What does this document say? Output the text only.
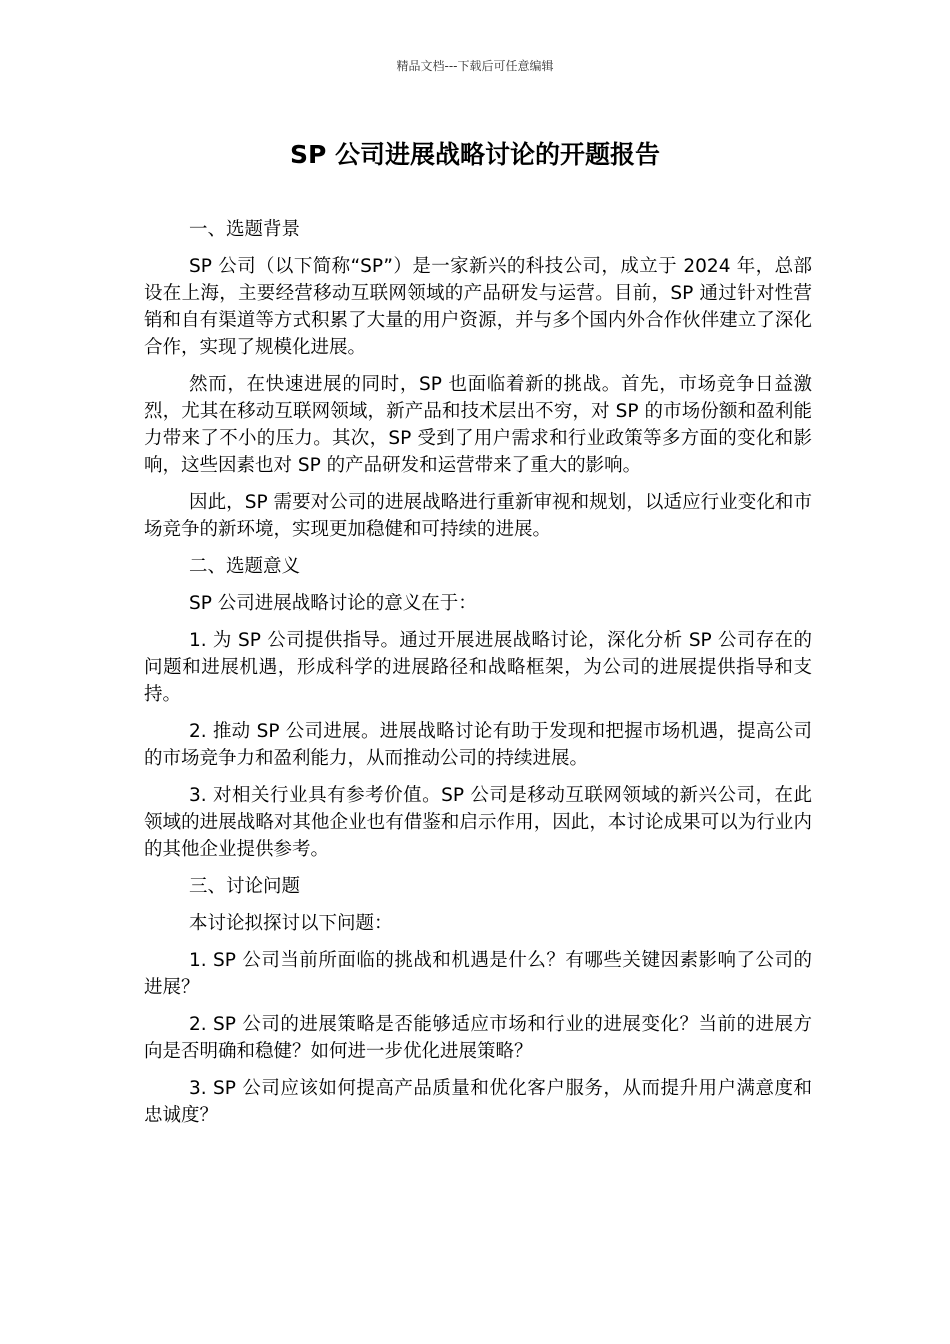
精品文档---下载后可任意编辑
SP 公司进展战略讨论的开题报告

一、选题背景

SP 公司（以下简称“SP”）是一家新兴的科技公司，成立于 2024 年，总部设在上海，主要经营移动互联网领域的产品研发与运营。目前，SP 通过针对性营销和自有渠道等方式积累了大量的用户资源，并与多个国内外合作伙伴建立了深化合作，实现了规模化进展。

然而，在快速进展的同时，SP 也面临着新的挑战。首先，市场竞争日益激烈，尤其在移动互联网领域，新产品和技术层出不穷，对 SP 的市场份额和盈利能力带来了不小的压力。其次，SP 受到了用户需求和行业政策等多方面的变化和影响，这些因素也对 SP 的产品研发和运营带来了重大的影响。

因此，SP 需要对公司的进展战略进行重新审视和规划，以适应行业变化和市场竞争的新环境，实现更加稳健和可持续的进展。

二、选题意义

SP 公司进展战略讨论的意义在于：

1. 为 SP 公司提供指导。通过开展进展战略讨论，深化分析 SP 公司存在的问题和进展机遇，形成科学的进展路径和战略框架，为公司的进展提供指导和支持。

2. 推动 SP 公司进展。进展战略讨论有助于发现和把握市场机遇，提高公司的市场竞争力和盈利能力，从而推动公司的持续进展。

3. 对相关行业具有参考价值。SP 公司是移动互联网领域的新兴公司，在此领域的进展战略对其他企业也有借鉴和启示作用，因此，本讨论成果可以为行业内的其他企业提供参考。

三、讨论问题

本讨论拟探讨以下问题：

1. SP 公司当前所面临的挑战和机遇是什么？有哪些关键因素影响了公司的进展？

2. SP 公司的进展策略是否能够适应市场和行业的进展变化？当前的进展方向是否明确和稳健？如何进一步优化进展策略？

3. SP 公司应该如何提高产品质量和优化客户服务，从而提升用户满意度和忠诚度？
